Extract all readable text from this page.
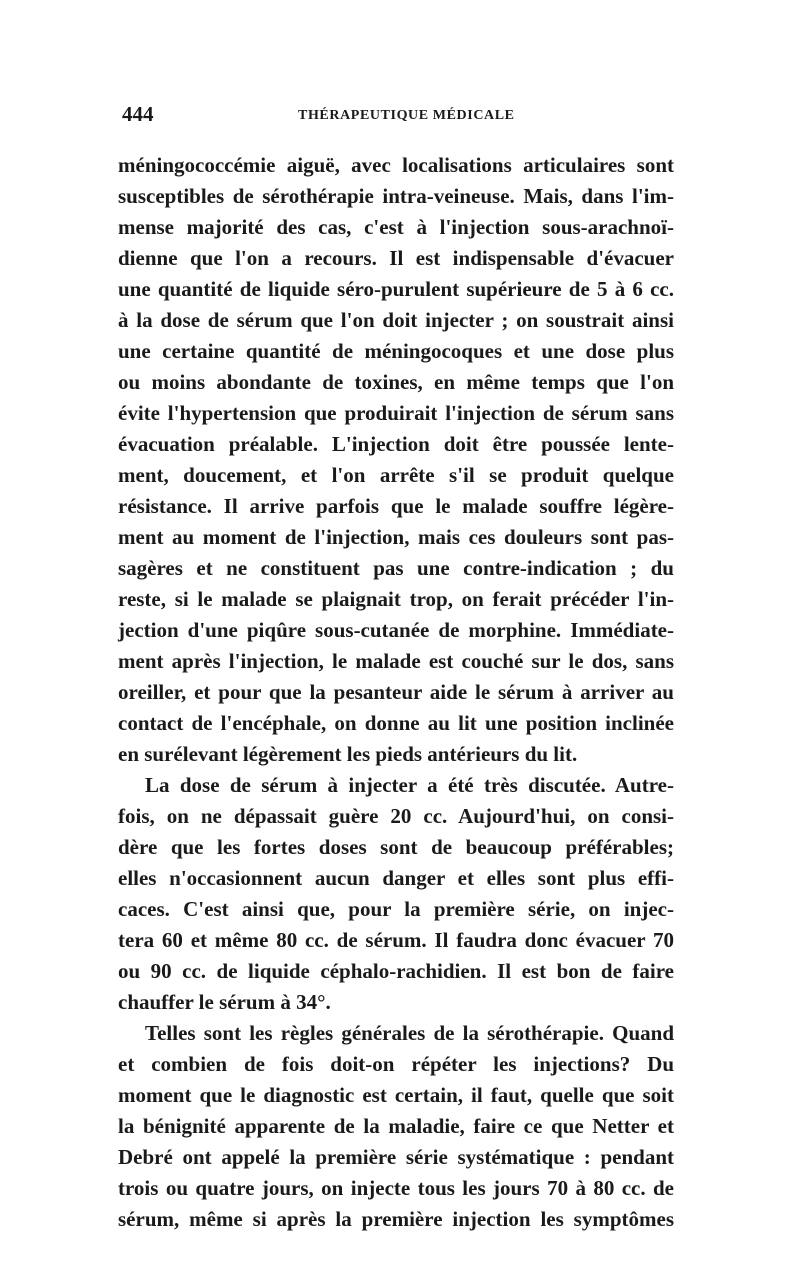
444	THÉRAPEUTIQUE MÉDICALE
méningococcémie aiguë, avec localisations articulaires sont
susceptibles de sérothérapie intra-veineuse. Mais, dans l'im-
mense majorité des cas, c'est à l'injection sous-arachnoï-
dienne que l'on a recours. Il est indispensable d'évacuer
une quantité de liquide séro-purulent supérieure de 5 à 6 cc.
à la dose de sérum que l'on doit injecter ; on soustrait ainsi
une certaine quantité de méningocoques et une dose plus
ou moins abondante de toxines, en même temps que l'on
évite l'hypertension que produirait l'injection de sérum sans
évacuation préalable. L'injection doit être poussée lente-
ment, doucement, et l'on arrête s'il se produit quelque
résistance. Il arrive parfois que le malade souffre légère-
ment au moment de l'injection, mais ces douleurs sont pas-
sagères et ne constituent pas une contre-indication ; du
reste, si le malade se plaignait trop, on ferait précéder l'in-
jection d'une piqûre sous-cutanée de morphine. Immédiate-
ment après l'injection, le malade est couché sur le dos, sans
oreiller, et pour que la pesanteur aide le sérum à arriver au
contact de l'encéphale, on donne au lit une position inclinée
en surélevant légèrement les pieds antérieurs du lit.
La dose de sérum à injecter a été très discutée. Autre-
fois, on ne dépassait guère 20 cc. Aujourd'hui, on consi-
dère que les fortes doses sont de beaucoup préférables;
elles n'occasionnent aucun danger et elles sont plus effi-
caces. C'est ainsi que, pour la première série, on injec-
tera 60 et même 80 cc. de sérum. Il faudra donc évacuer 70
ou 90 cc. de liquide céphalo-rachidien. Il est bon de faire
chauffer le sérum à 34°.
Telles sont les règles générales de la sérothérapie. Quand
et combien de fois doit-on répéter les injections? Du
moment que le diagnostic est certain, il faut, quelle que soit
la bénignité apparente de la maladie, faire ce que Netter et
Debré ont appelé la première série systématique : pendant
trois ou quatre jours, on injecte tous les jours 70 à 80 cc. de
sérum, même si après la première injection les symptômes
